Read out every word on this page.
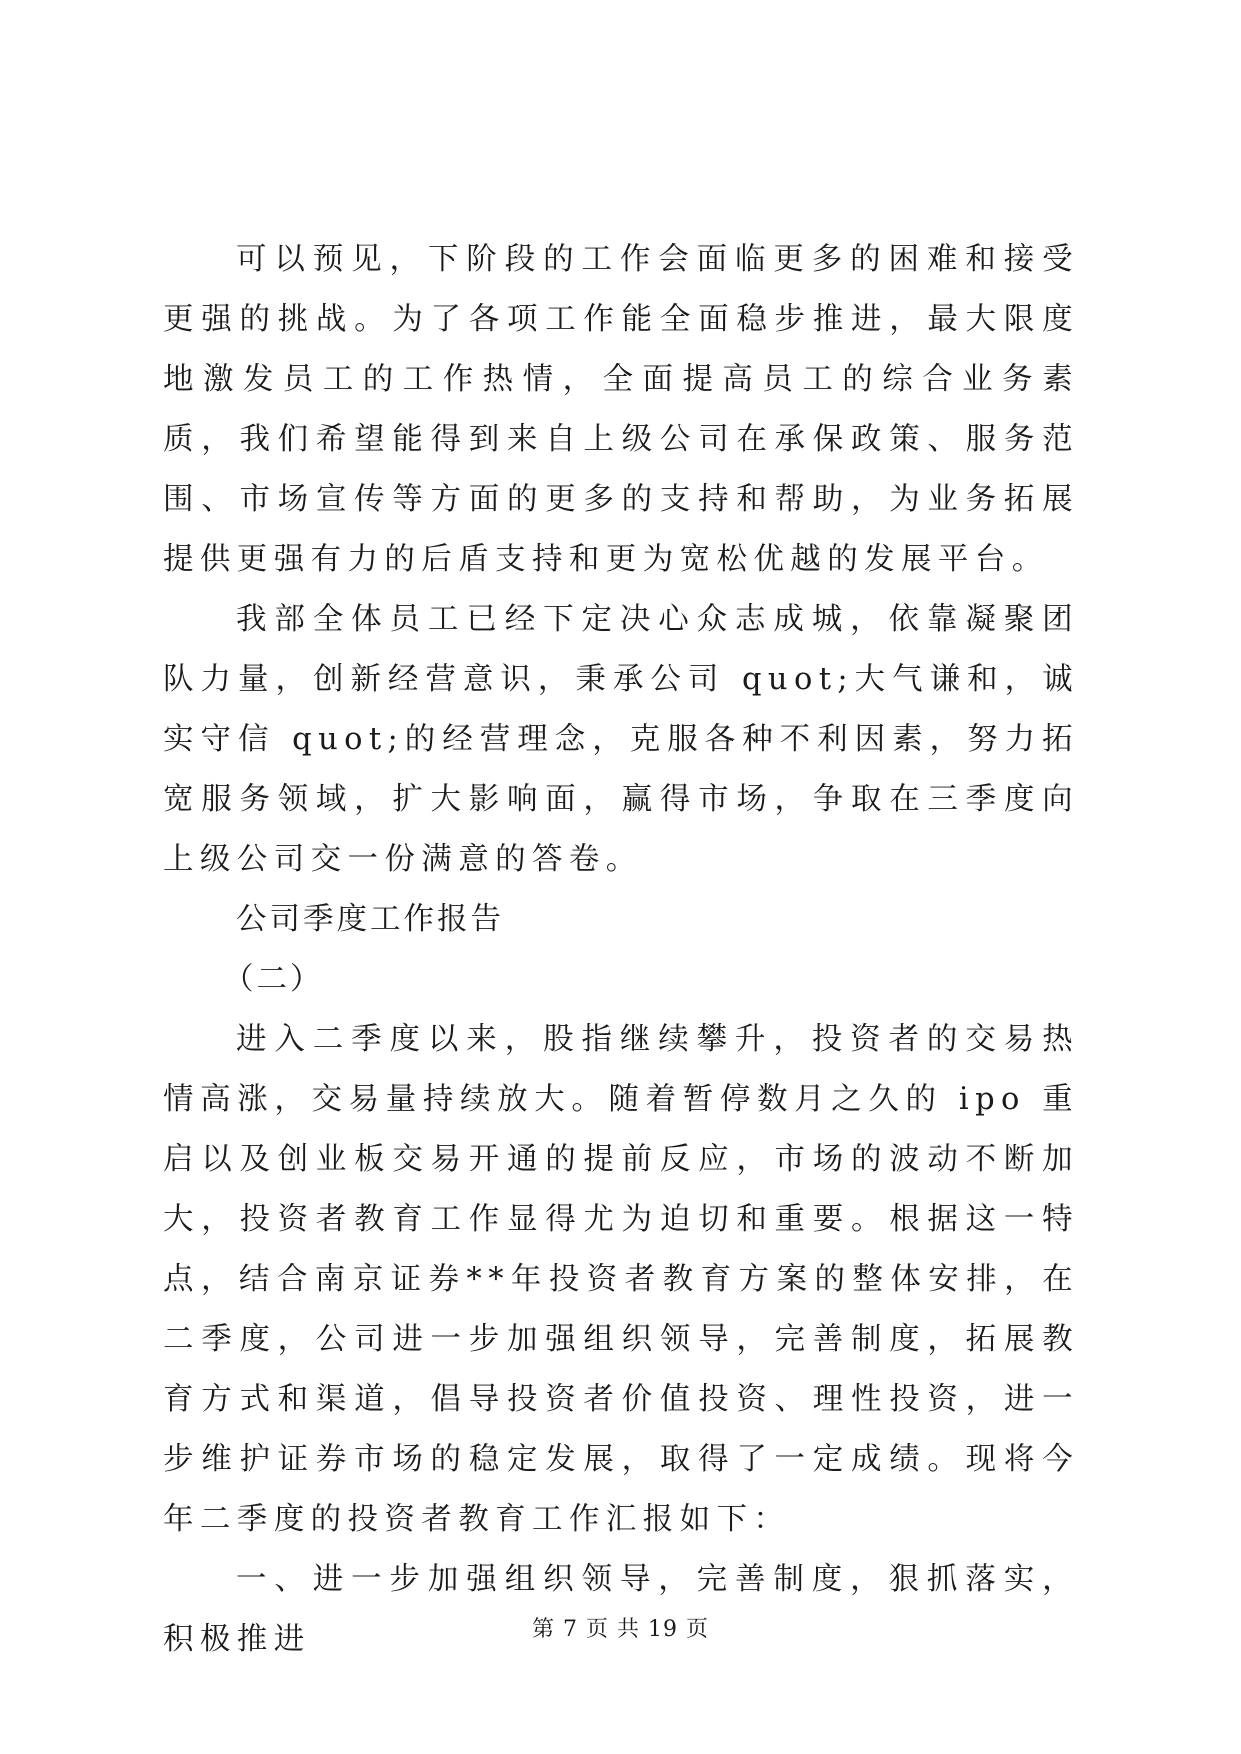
可以预见，下阶段的工作会面临更多的困难和接受更强的挑战。为了各项工作能全面稳步推进，最大限度地激发员工的工作热情，全面提高员工的综合业务素质，我们希望能得到来自上级公司在承保政策、服务范围、市场宣传等方面的更多的支持和帮助，为业务拓展提供更强有力的后盾支持和更为宽松优越的发展平台。

我部全体员工已经下定决心众志成城，依靠凝聚团队力量，创新经营意识，秉承公司 quot;大气谦和，诚实守信 quot;的经营理念，克服各种不利因素，努力拓宽服务领域，扩大影响面，赢得市场，争取在三季度向上级公司交一份满意的答卷。

公司季度工作报告

（二）

进入二季度以来，股指继续攀升，投资者的交易热情高涨，交易量持续放大。随着暂停数月之久的 ipo 重启以及创业板交易开通的提前反应，市场的波动不断加大，投资者教育工作显得尤为迫切和重要。根据这一特点，结合南京证券**年投资者教育方案的整体安排，在二季度，公司进一步加强组织领导，完善制度，拓展教育方式和渠道，倡导投资者价值投资、理性投资，进一步维护证券市场的稳定发展，取得了一定成绩。现将今年二季度的投资者教育工作汇报如下：

一、进一步加强组织领导，完善制度，狠抓落实，积极推进	第 7 页 共 19 页
